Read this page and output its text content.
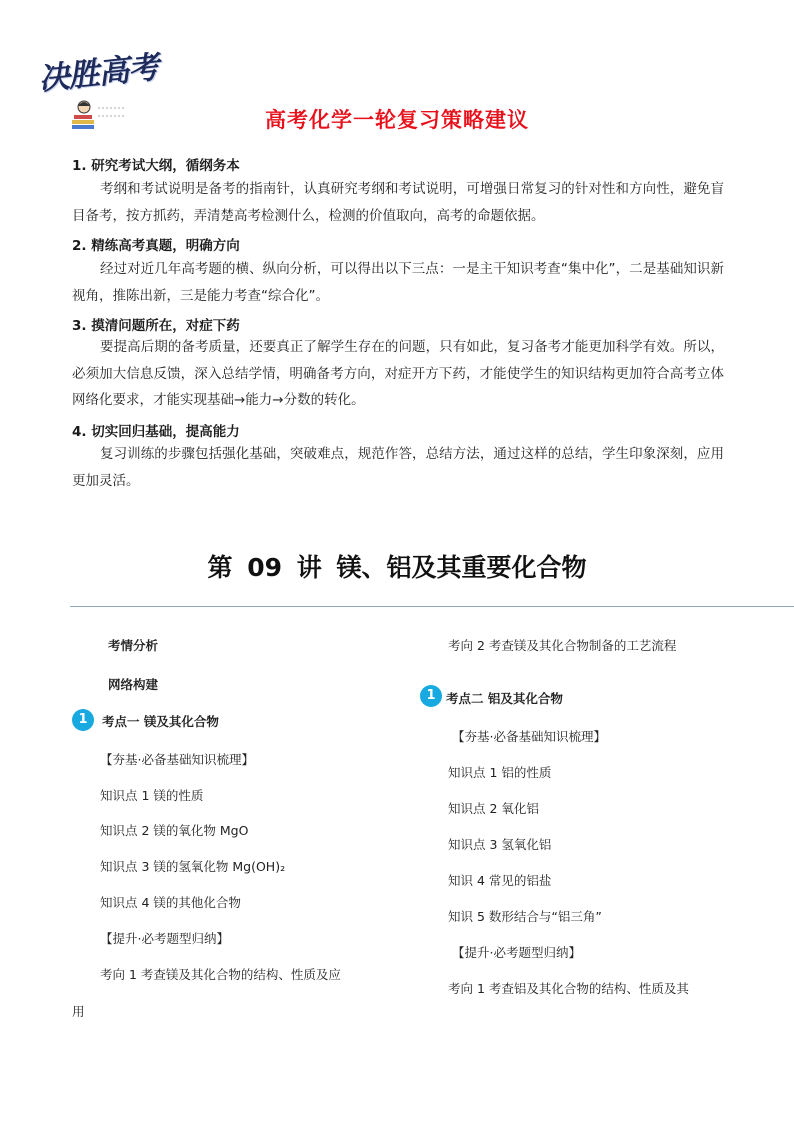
决胜高考
高考化学一轮复习策略建议
1. 研究考试大纲，循纲务本
考纲和考试说明是备考的指南针，认真研究考纲和考试说明，可增强日常复习的针对性和方向性，避免盲目备考，按方抓药，弄清楚高考检测什么，检测的价值取向，高考的命题依据。
2. 精练高考真题，明确方向
经过对近几年高考题的横、纵向分析，可以得出以下三点：一是主干知识考查“集中化”，二是基础知识新视角，推陈出新，三是能力考查“综合化”。
3. 摸清问题所在，对症下药
要提高后期的备考质量，还要真正了解学生存在的问题，只有如此，复习备考才能更加科学有效。所以，必须加大信息反馈，深入总结学情，明确备考方向，对症开方下药，才能使学生的知识结构更加符合高考立体网络化要求，才能实现基础→能力→分数的转化。
4. 切实回归基础，提高能力
复习训练的步骤包括强化基础，突破难点，规范作答，总结方法，通过这样的总结，学生印象深刻，应用更加灵活。
第 09 讲 镁、铝及其重要化合物
考情分析
网络构建
1	考点一 镁及其化合物
【夯基·必备基础知识梳理】
知识点 1 镁的性质
知识点 2 镁的氧化物 MgO
知识点 3 镁的氢氧化物 Mg(OH)₂
知识点 4 镁的其他化合物
【提升·必考题型归纳】
考向 1 考查镁及其化合物的结构、性质及应
用
考向 2 考查镁及其化合物制备的工艺流程
1 考点二 铝及其化合物
【夯基·必备基础知识梳理】
知识点 1 铝的性质
知识点 2 氧化铝
知识点 3 氢氧化铝
知识 4 常见的铝盐
知识 5 数形结合与“铝三角”
【提升·必考题型归纳】
考向 1 考查铝及其化合物的结构、性质及其
